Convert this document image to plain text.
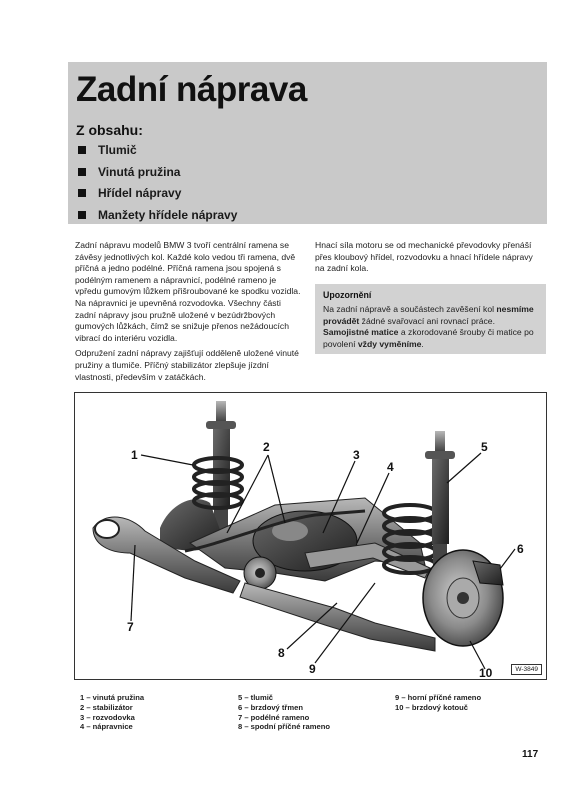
Zadní náprava
Z obsahu:
Tlumič
Vinutá pružina
Hřídel nápravy
Manžety hřídele nápravy

Zadní nápravu modelů BMW 3 tvoří centrální ramena se závěsy jednotlivých kol. Každé kolo vedou tři ramena, dvě příčná a jedno podélné. Příčná ramena jsou spojená s podélným ramenem a nápravnicí, podélné rameno je vpředu gumovým lůžkem přišroubované ke spodku vozidla. Na nápravnici je upevněná rozvodovka. Všechny části zadní nápravy jsou pružně uložené v bezúdržbových gumových lůžkách, čímž se snižuje přenos nežádoucích vibrací do interiéru vozidla.

Odpružení zadní nápravy zajišťují odděleně uložené vinuté pružiny a tlumiče. Příčný stabilizátor zlepšuje jízdní vlastnosti, především v zatáčkách.

Hnací síla motoru se od mechanické převodovky přenáší přes kloubový hřídel, rozvodovku a hnací hřídele nápravy na zadní kola.

Upozornění
Na zadní nápravě a součástech zavěšení kol nesmíme provádět žádné svařovací ani rovnací práce. Samojistné matice a zkorodované šrouby či matice po povolení vždy vyměníme.
1
2
3
4
5
6
7
8
9	10	W-3849
1 – vinutá pružina
2 – stabilizátor
3 – rozvodovka
4 – nápravnice
5 – tlumič
6 – brzdový třmen
7 – podélné rameno
8 – spodní příčné rameno
9 – horní příčné rameno
10 – brzdový kotouč
117
